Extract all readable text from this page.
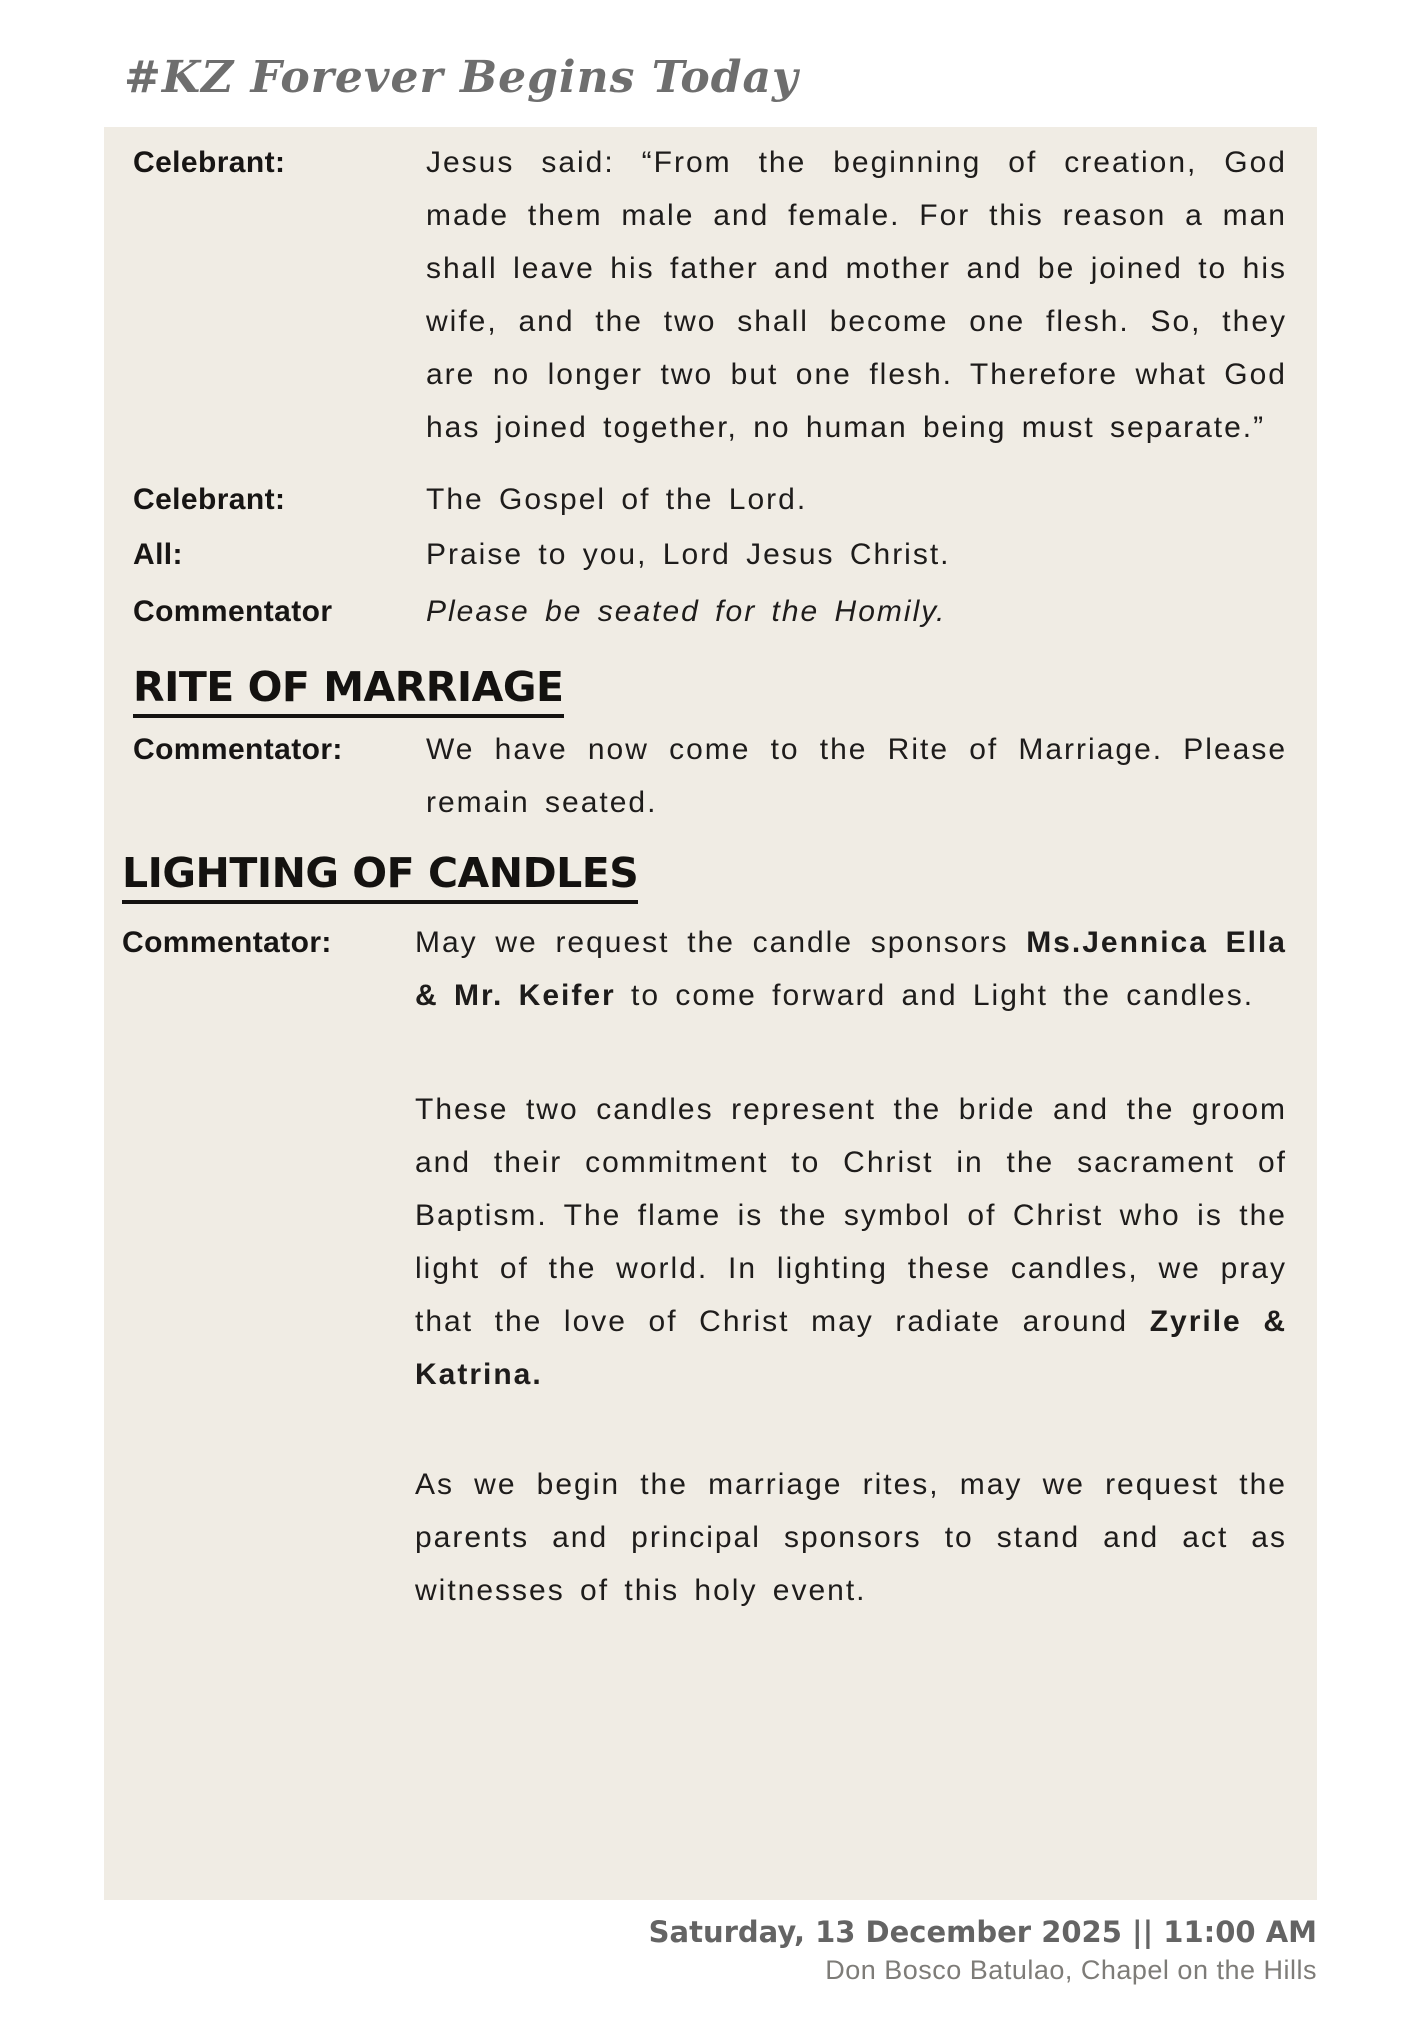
#KZ Forever Begins Today
Celebrant:	Jesus said: “From the beginning of creation, God made them male and female. For this reason a man shall leave his father and mother and be joined to his wife, and the two shall become one flesh. So, they are no longer two but one flesh. Therefore what God has joined together, no human being must separate.”
Celebrant:	The Gospel of the Lord.
All:	Praise to you, Lord Jesus Christ.
Commentator	Please be seated for the Homily.
RITE OF MARRIAGE
Commentator:	We have now come to the Rite of Marriage. Please remain seated.
LIGHTING OF CANDLES
Commentator:	May we request the candle sponsors Ms.Jennica Ella & Mr. Keifer to come forward and Light the candles.
These two candles represent the bride and the groom and their commitment to Christ in the sacrament of Baptism. The flame is the symbol of Christ who is the light of the world. In lighting these candles, we pray that the love of Christ may radiate around Zyrile & Katrina.
As we begin the marriage rites, may we request the parents and principal sponsors to stand and act as witnesses of this holy event.
Saturday, 13 December 2025 || 11:00 AM
Don Bosco Batulao, Chapel on the Hills
